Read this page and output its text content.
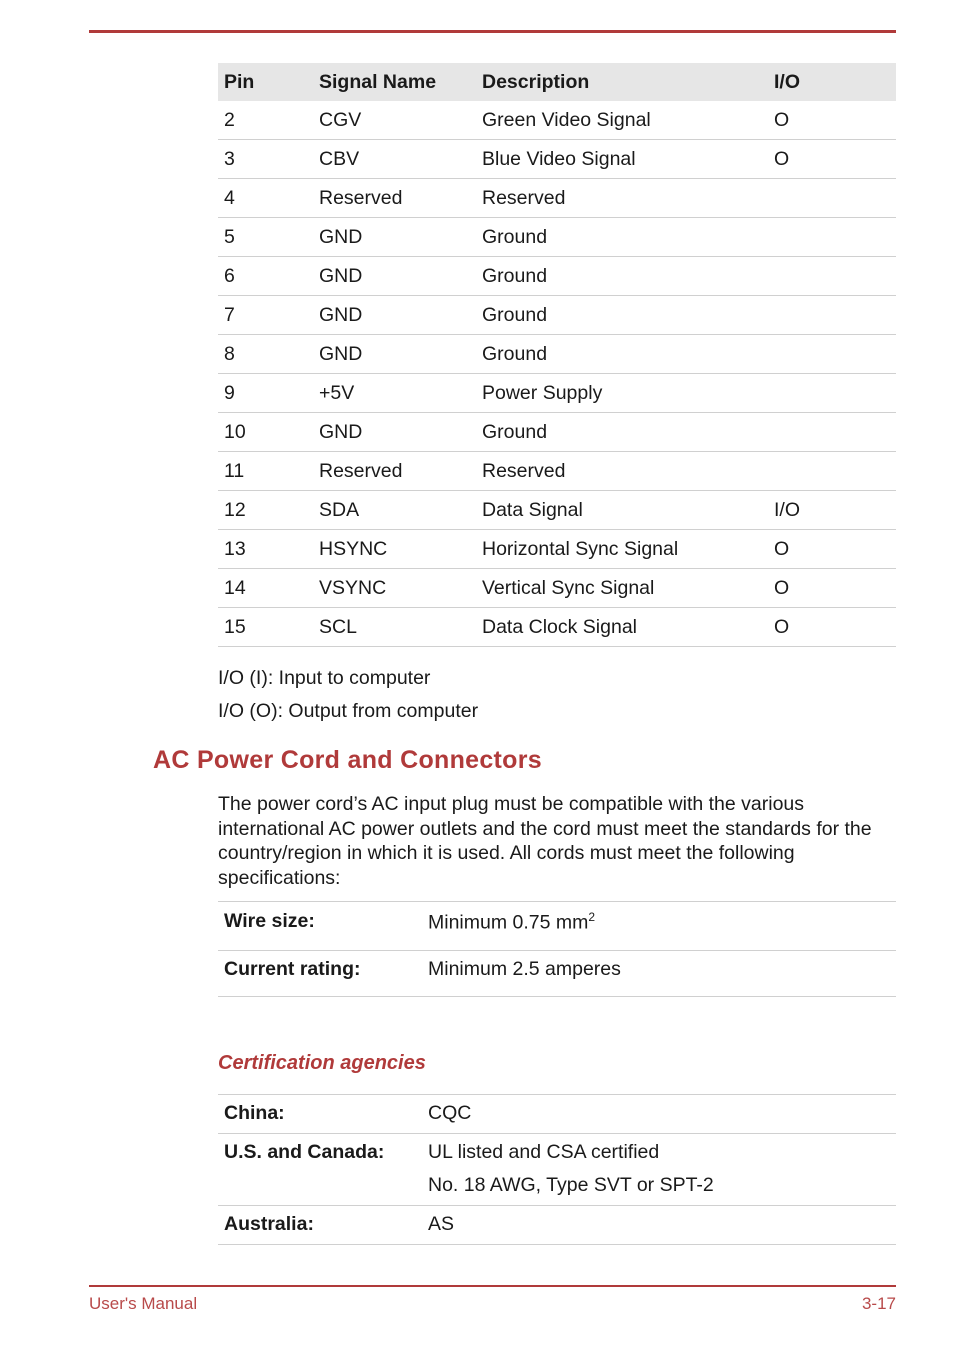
Pin	Signal Name	Description	I/O
2	CGV	Green Video Signal	O
3	CBV	Blue Video Signal	O
4	Reserved	Reserved	
5	GND	Ground	
6	GND	Ground	
7	GND	Ground	
8	GND	Ground	
9	+5V	Power Supply	
10	GND	Ground	
11	Reserved	Reserved	
12	SDA	Data Signal	I/O
13	HSYNC	Horizontal Sync Signal	O
14	VSYNC	Vertical Sync Signal	O
15	SCL	Data Clock Signal	O
I/O (I): Input to computer
I/O (O): Output from computer
AC Power Cord and Connectors

The power cord’s AC input plug must be compatible with the various international AC power outlets and the cord must meet the standards for the country/region in which it is used. All cords must meet the following specifications:

Wire size:	Minimum 0.75 $mm^2$
Current rating:	Minimum 2.5 amperes
Certification agencies
China:	CQC
U.S. and Canada:	UL listed and CSA certified
No. 18 AWG, Type SVT or SPT-2

Australia:	AS
User's Manual	3-17
